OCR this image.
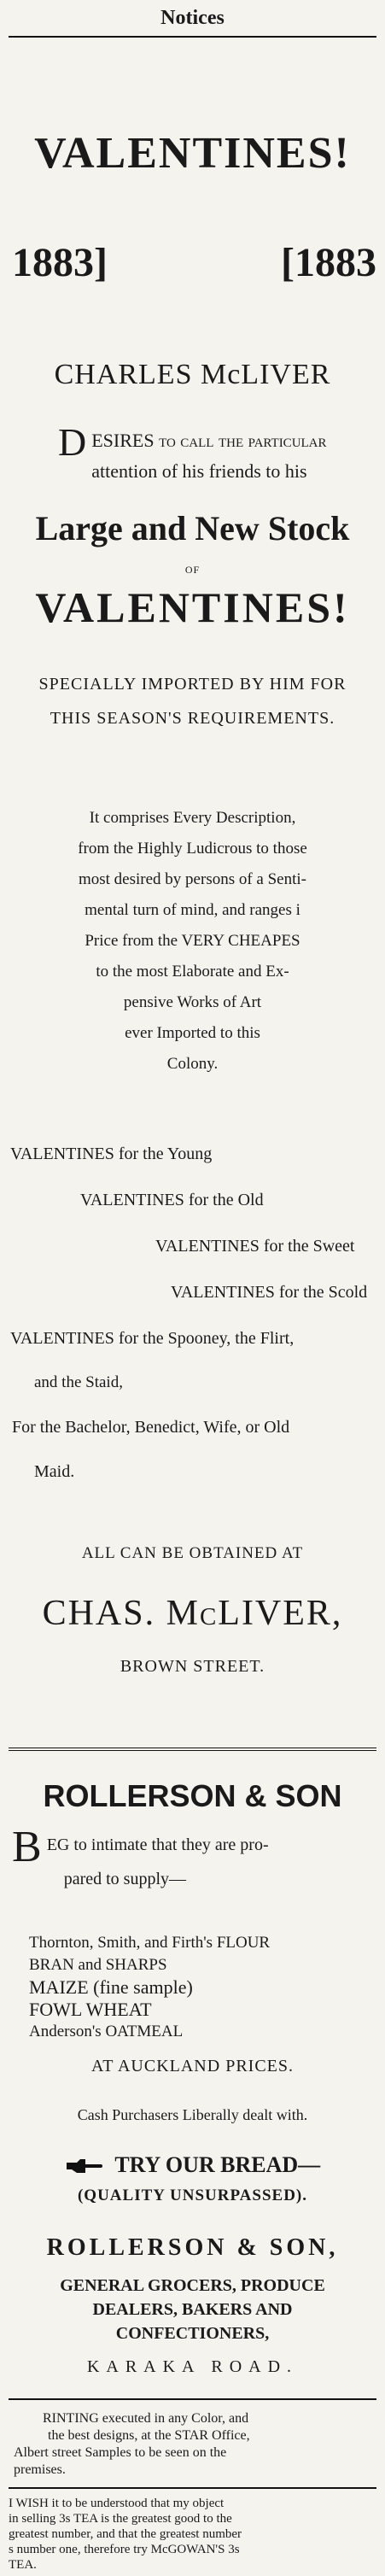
Notices
VALENTINES!
1883]	[1883
CHARLES McLIVER
D ESIRES to call the particular
attention of his friends to his
Large and New Stock
OF
VALENTINES!
SPECIALLY IMPORTED BY HIM FOR
THIS SEASON'S REQUIREMENTS.
It comprises Every Description,
from the Highly Ludicrous to those
most desired by persons of a Senti-
mental turn of mind, and ranges i
Price from the VERY CHEAPES
to the most Elaborate and Ex-
pensive Works of Art
ever Imported to this
Colony.
VALENTINES for the Young
VALENTINES for the Old
VALENTINES for the Sweet
VALENTINES for the Scold
VALENTINES for the Spooney, the Flirt,
and the Staid,
For the Bachelor, Benedict, Wife, or Old
Maid.
ALL CAN BE OBTAINED AT
CHAS. McLIVER,
BROWN STREET.
ROLLERSON & SON
B EG to intimate that they are pro-
pared to supply—
Thornton, Smith, and Firth's FLOUR
BRAN and SHARPS
MAIZE (fine sample)
FOWL WHEAT
Anderson's OATMEAL
AT AUCKLAND PRICES.
Cash Purchasers Liberally dealt with.
TRY OUR BREAD—
(QUALITY UNSURPASSED).
ROLLERSON & SON,
GENERAL GROCERS, PRODUCE
DEALERS, BAKERS AND
CONFECTIONERS,
KARAKA ROAD.
RINTING executed in any Color, and
the best designs, at the STAR Office,
Albert street Samples to be seen on the
premises.
I WISH it to be understood that my object
in selling 3s TEA is the greatest good to the
greatest number, and that the greatest number
s number one, therefore try McGOWAN'S 3s
TEA.
